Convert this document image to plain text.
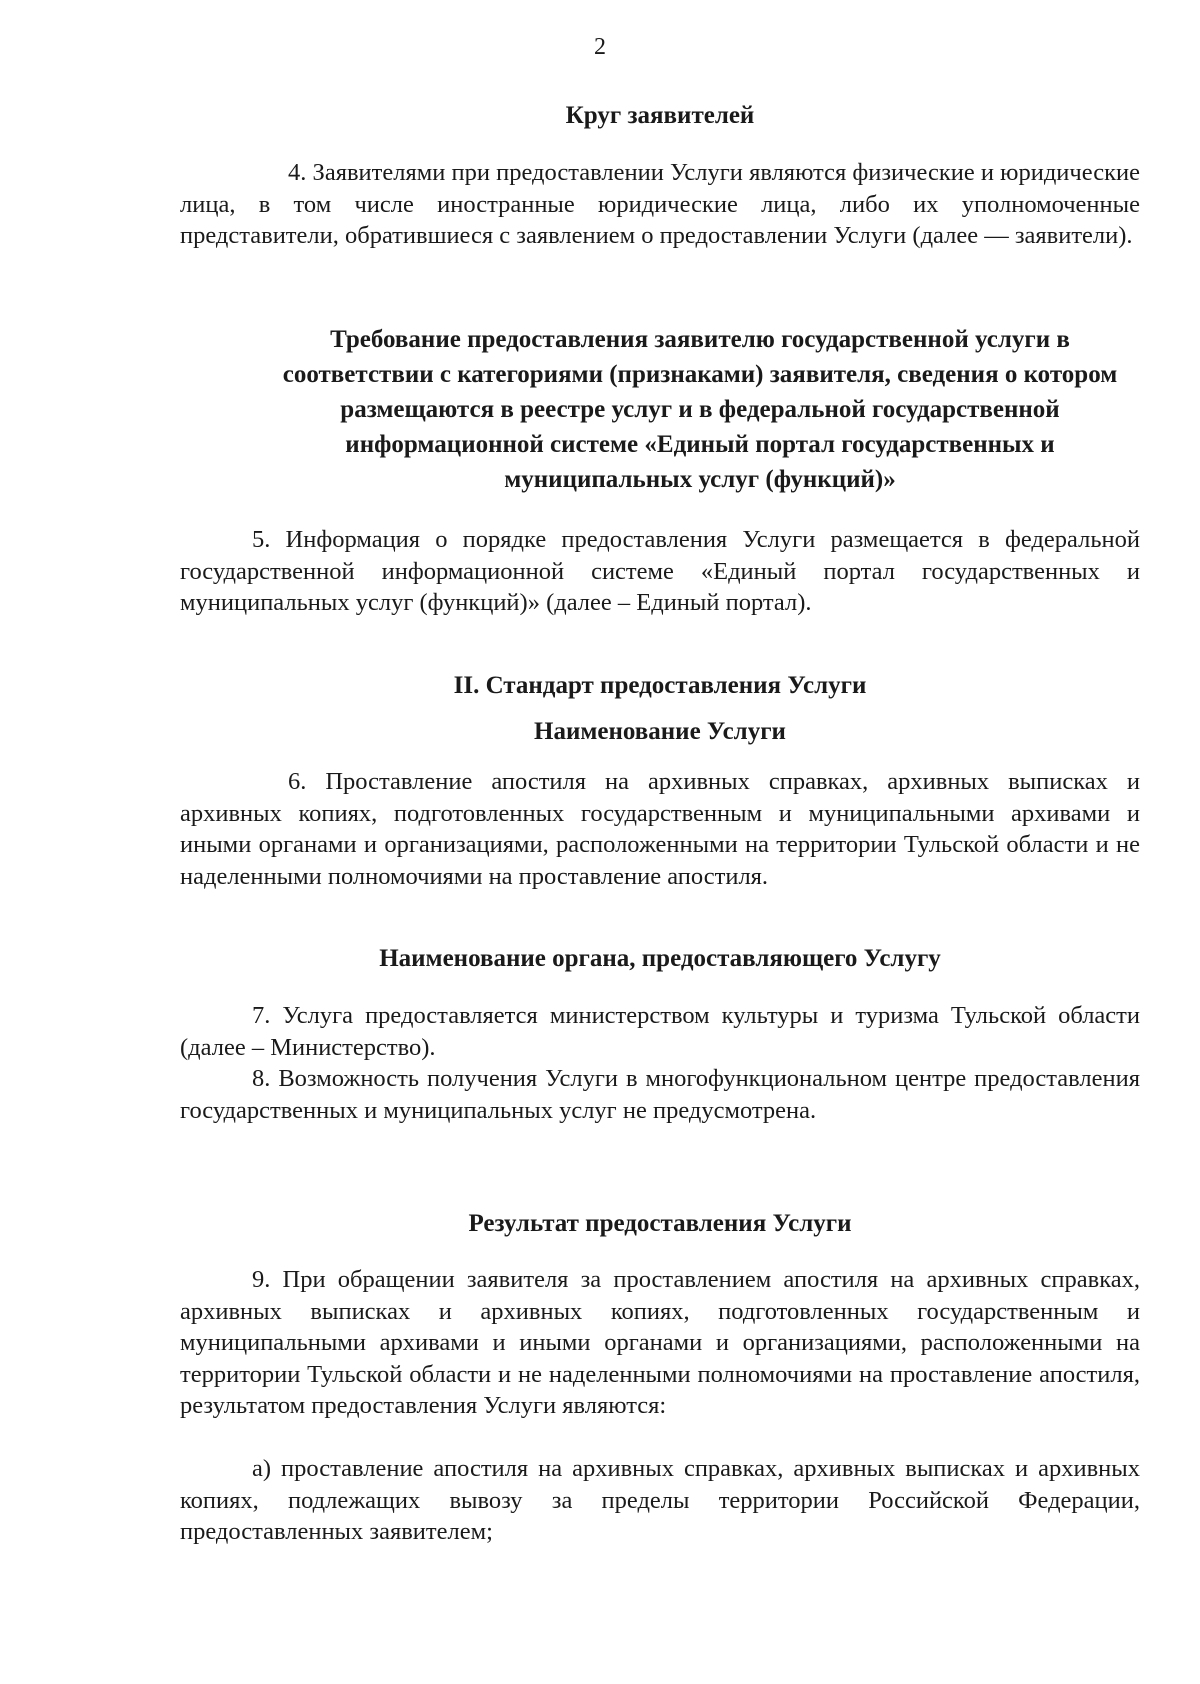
2
Круг заявителей
4. Заявителями при предоставлении Услуги являются физические и юридические лица, в том числе иностранные юридические лица, либо их уполномоченные представители, обратившиеся с заявлением о предоставлении Услуги (далее — заявители).
Требование предоставления заявителю государственной услуги в соответствии с категориями (признаками) заявителя, сведения о котором размещаются в реестре услуг и в федеральной государственной информационной системе «Единый портал государственных и муниципальных услуг (функций)»
5. Информация о порядке предоставления Услуги размещается в федеральной государственной информационной системе «Единый портал государственных и муниципальных услуг (функций)» (далее – Единый портал).
II. Стандарт предоставления Услуги
Наименование Услуги
6. Проставление апостиля на архивных справках, архивных выписках и архивных копиях, подготовленных государственным и муниципальными архивами и иными органами и организациями, расположенными на территории Тульской области и не наделенными полномочиями на проставление апостиля.
Наименование органа, предоставляющего Услугу
7. Услуга предоставляется министерством культуры и туризма Тульской области (далее – Министерство).
8. Возможность получения Услуги в многофункциональном центре предоставления государственных и муниципальных услуг не предусмотрена.
Результат предоставления Услуги
9. При обращении заявителя за проставлением апостиля на архивных справках, архивных выписках и архивных копиях, подготовленных государственным и муниципальными архивами и иными органами и организациями, расположенными на территории Тульской области и не наделенными полномочиями на проставление апостиля, результатом предоставления Услуги являются:
а) проставление апостиля на архивных справках, архивных выписках и архивных копиях, подлежащих вывозу за пределы территории Российской Федерации, предоставленных заявителем;
